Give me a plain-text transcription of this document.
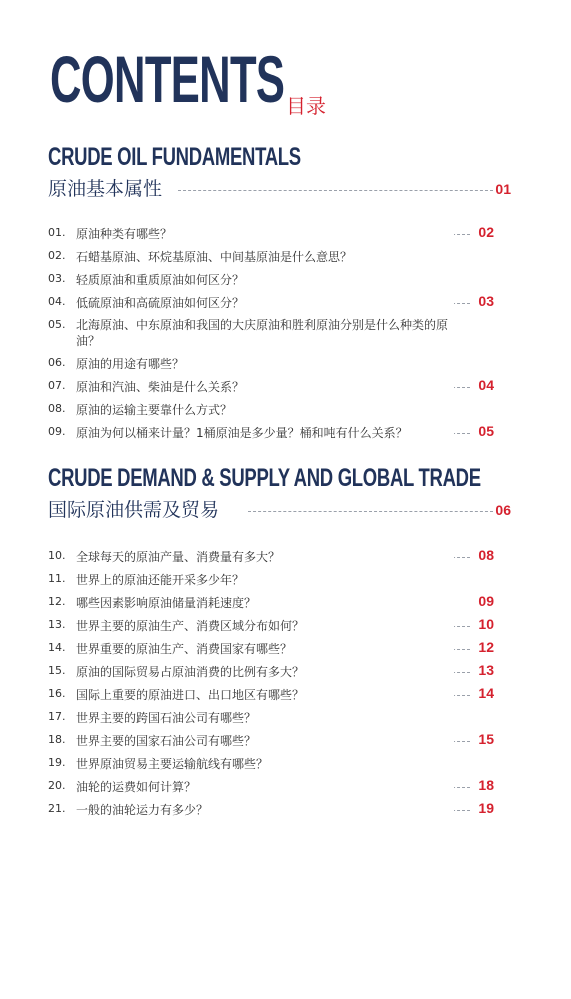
CONTENTS 目录
CRUDE OIL FUNDAMENTALS
原油基本属性	01
01. 原油种类有哪些？	02
02. 石蜡基原油、环烷基原油、中间基原油是什么意思？
03. 轻质原油和重质原油如何区分？
04. 低硫原油和高硫原油如何区分？	03
05. 北海原油、中东原油和我国的大庆原油和胜利原油分别是什么种类的原油？
06. 原油的用途有哪些？
07. 原油和汽油、柴油是什么关系？	04
08. 原油的运输主要靠什么方式？
09. 原油为何以桶来计量？1桶原油是多少量？桶和吨有什么关系？	05
CRUDE DEMAND & SUPPLY AND GLOBAL TRADE
国际原油供需及贸易	06
10. 全球每天的原油产量、消费量有多大？	08
11. 世界上的原油还能开采多少年？
12. 哪些因素影响原油储量消耗速度？	09
13. 世界主要的原油生产、消费区域分布如何？	10
14. 世界重要的原油生产、消费国家有哪些？	12
15. 原油的国际贸易占原油消费的比例有多大？	13
16. 国际上重要的原油进口、出口地区有哪些？	14
17. 世界主要的跨国石油公司有哪些？
18. 世界主要的国家石油公司有哪些？	15
19. 世界原油贸易主要运输航线有哪些？
20. 油轮的运费如何计算？	18
21. 一般的油轮运力有多少？	19
